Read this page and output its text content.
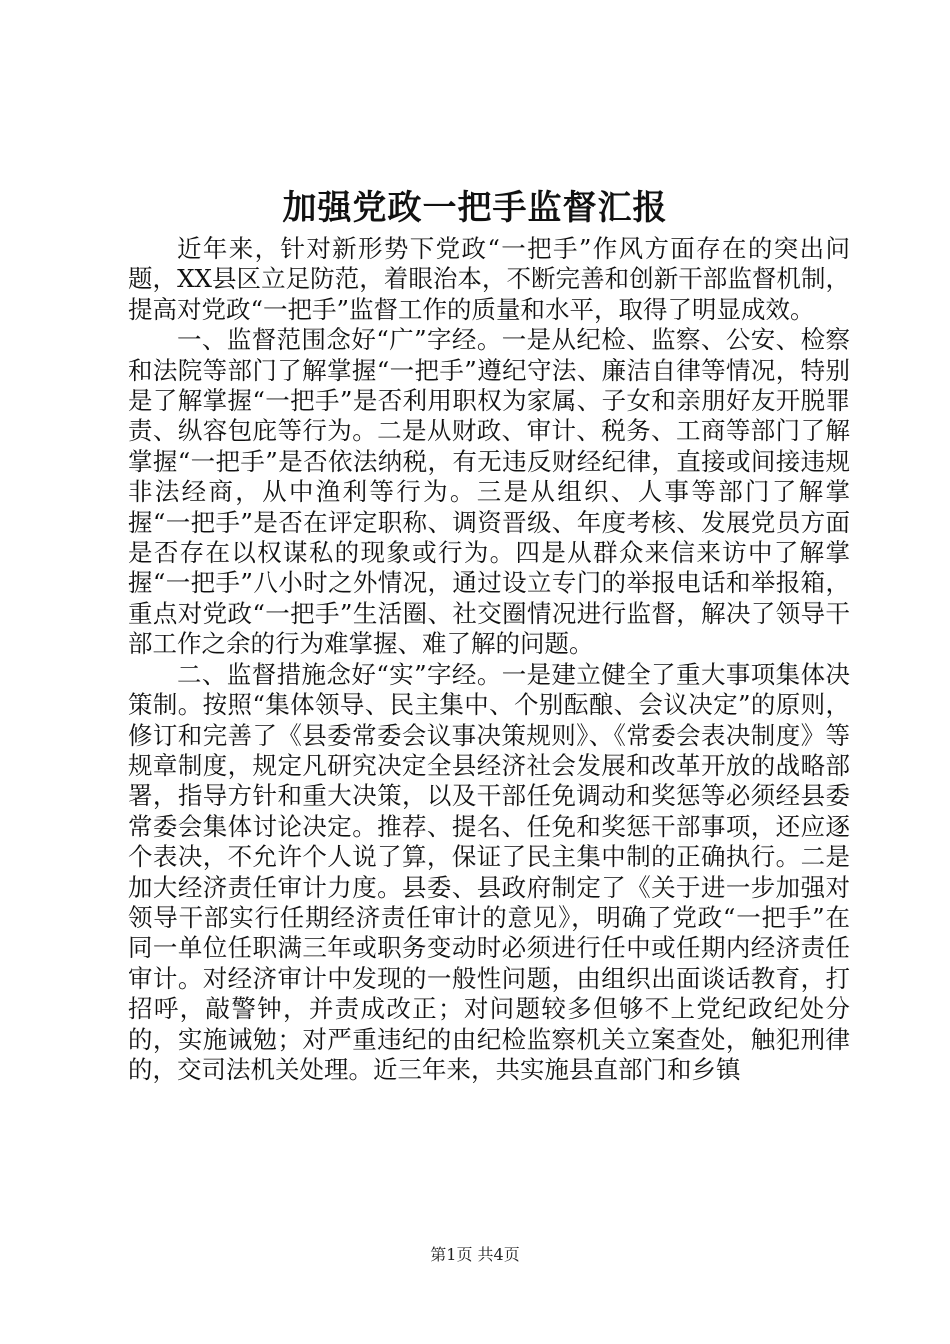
加强党政一把手监督汇报

近年来，针对新形势下党政“一把手”作风方面存在的突出问题，XX县区立足防范，着眼治本，不断完善和创新干部监督机制，提高对党政“一把手”监督工作的质量和水平，取得了明显成效。

一、监督范围念好“广”字经。一是从纪检、监察、公安、检察和法院等部门了解掌握“一把手”遵纪守法、廉洁自律等情况，特别是了解掌握“一把手”是否利用职权为家属、子女和亲朋好友开脱罪责、纵容包庇等行为。二是从财政、审计、税务、工商等部门了解掌握“一把手”是否依法纳税，有无违反财经纪律，直接或间接违规非法经商，从中渔利等行为。三是从组织、人事等部门了解掌握“一把手”是否在评定职称、调资晋级、年度考核、发展党员方面是否存在以权谋私的现象或行为。四是从群众来信来访中了解掌握“一把手”八小时之外情况，通过设立专门的举报电话和举报箱，重点对党政“一把手”生活圈、社交圈情况进行监督，解决了领导干部工作之余的行为难掌握、难了解的问题。

二、监督措施念好“实”字经。一是建立健全了重大事项集体决策制。按照“集体领导、民主集中、个别酝酿、会议决定”的原则，修订和完善了《县委常委会议事决策规则》、《常委会表决制度》等规章制度，规定凡研究决定全县经济社会发展和改革开放的战略部署，指导方针和重大决策，以及干部任免调动和奖惩等必须经县委常委会集体讨论决定。推荐、提名、任免和奖惩干部事项，还应逐个表决，不允许个人说了算，保证了民主集中制的正确执行。二是加大经济责任审计力度。县委、县政府制定了《关于进一步加强对领导干部实行任期经济责任审计的意见》，明确了党政“一把手”在同一单位任职满三年或职务变动时必须进行任中或任期内经济责任审计。对经济审计中发现的一般性问题，由组织出面谈话教育，打招呼，敲警钟，并责成改正；对问题较多但够不上党纪政纪处分的，实施诫勉；对严重违纪的由纪检监察机关立案查处，触犯刑律的，交司法机关处理。近三年来，共实施县直部门和乡镇

第1页 共4页
